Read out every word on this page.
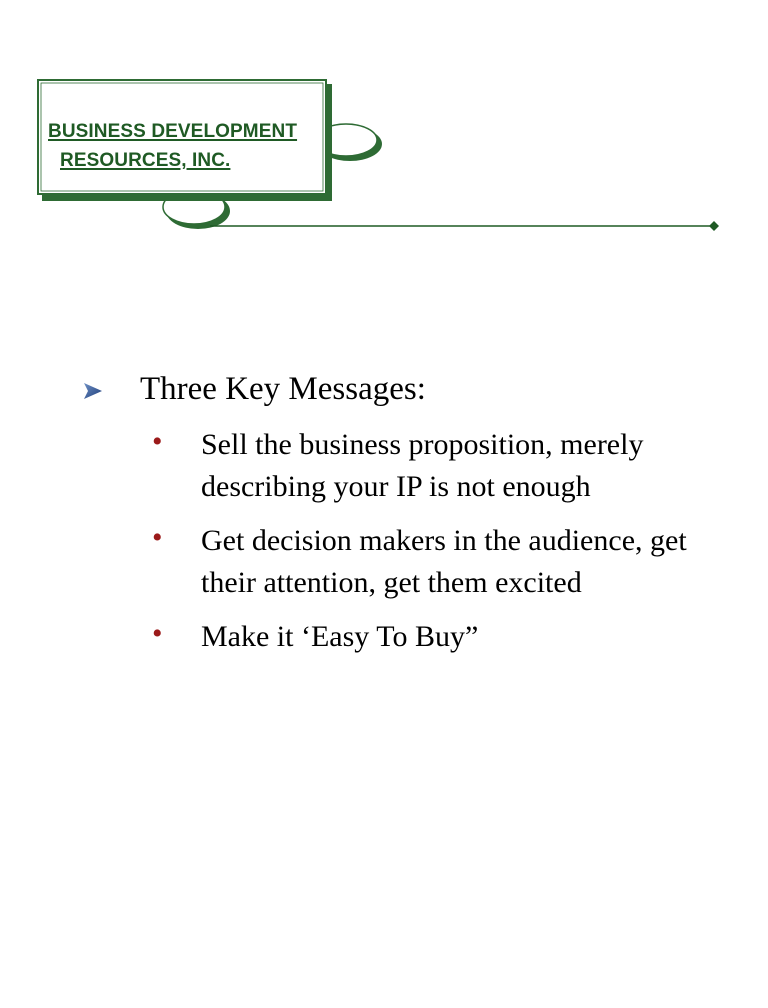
BUSINESS DEVELOPMENT
RESOURCES, INC.
Three Key Messages:
• Sell the business proposition, merely describing your IP is not enough
• Get decision makers in the audience, get their attention, get them excited
• Make it ‘Easy To Buy”
